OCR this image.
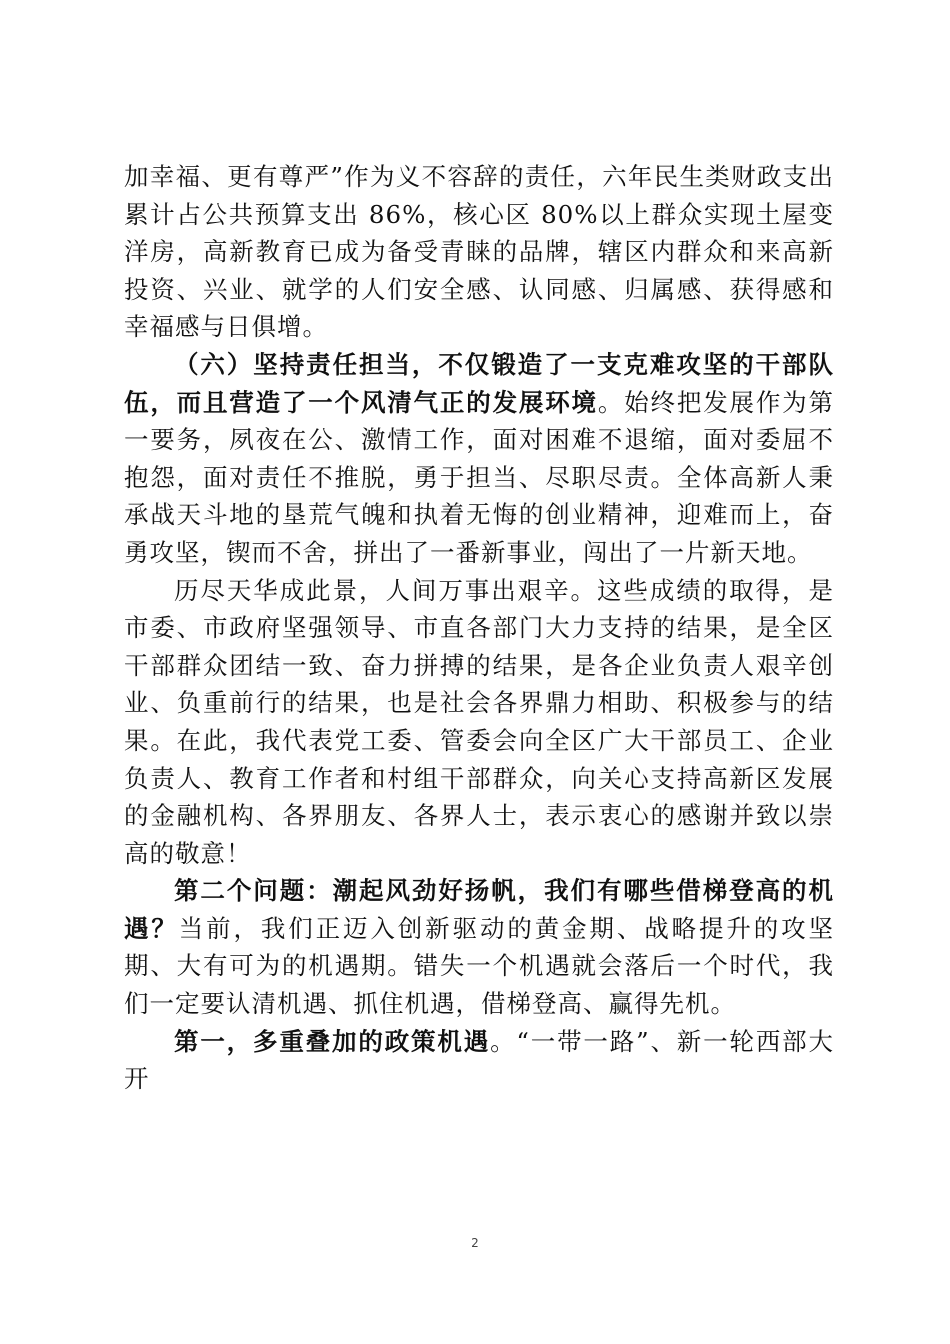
加幸福、更有尊严”作为义不容辞的责任，六年民生类财政支出累计占公共预算支出 86%，核心区 80%以上群众实现土屋变洋房，高新教育已成为备受青睐的品牌，辖区内群众和来高新投资、兴业、就学的人们安全感、认同感、归属感、获得感和幸福感与日俱增。

（六）坚持责任担当，不仅锻造了一支克难攻坚的干部队伍，而且营造了一个风清气正的发展环境。始终把发展作为第一要务，夙夜在公、激情工作，面对困难不退缩，面对委屈不抱怨，面对责任不推脱，勇于担当、尽职尽责。全体高新人秉承战天斗地的垦荒气魄和执着无悔的创业精神，迎难而上，奋勇攻坚，锲而不舍，拼出了一番新事业，闯出了一片新天地。

历尽天华成此景，人间万事出艰辛。这些成绩的取得，是市委、市政府坚强领导、市直各部门大力支持的结果，是全区干部群众团结一致、奋力拼搏的结果，是各企业负责人艰辛创业、负重前行的结果，也是社会各界鼎力相助、积极参与的结果。在此，我代表党工委、管委会向全区广大干部员工、企业负责人、教育工作者和村组干部群众，向关心支持高新区发展的金融机构、各界朋友、各界人士，表示衷心的感谢并致以崇高的敬意！

第二个问题：潮起风劲好扬帆，我们有哪些借梯登高的机遇？当前，我们正迈入创新驱动的黄金期、战略提升的攻坚期、大有可为的机遇期。错失一个机遇就会落后一个时代，我们一定要认清机遇、抓住机遇，借梯登高、赢得先机。

第一，多重叠加的政策机遇。“一带一路”、新一轮西部大开

2
